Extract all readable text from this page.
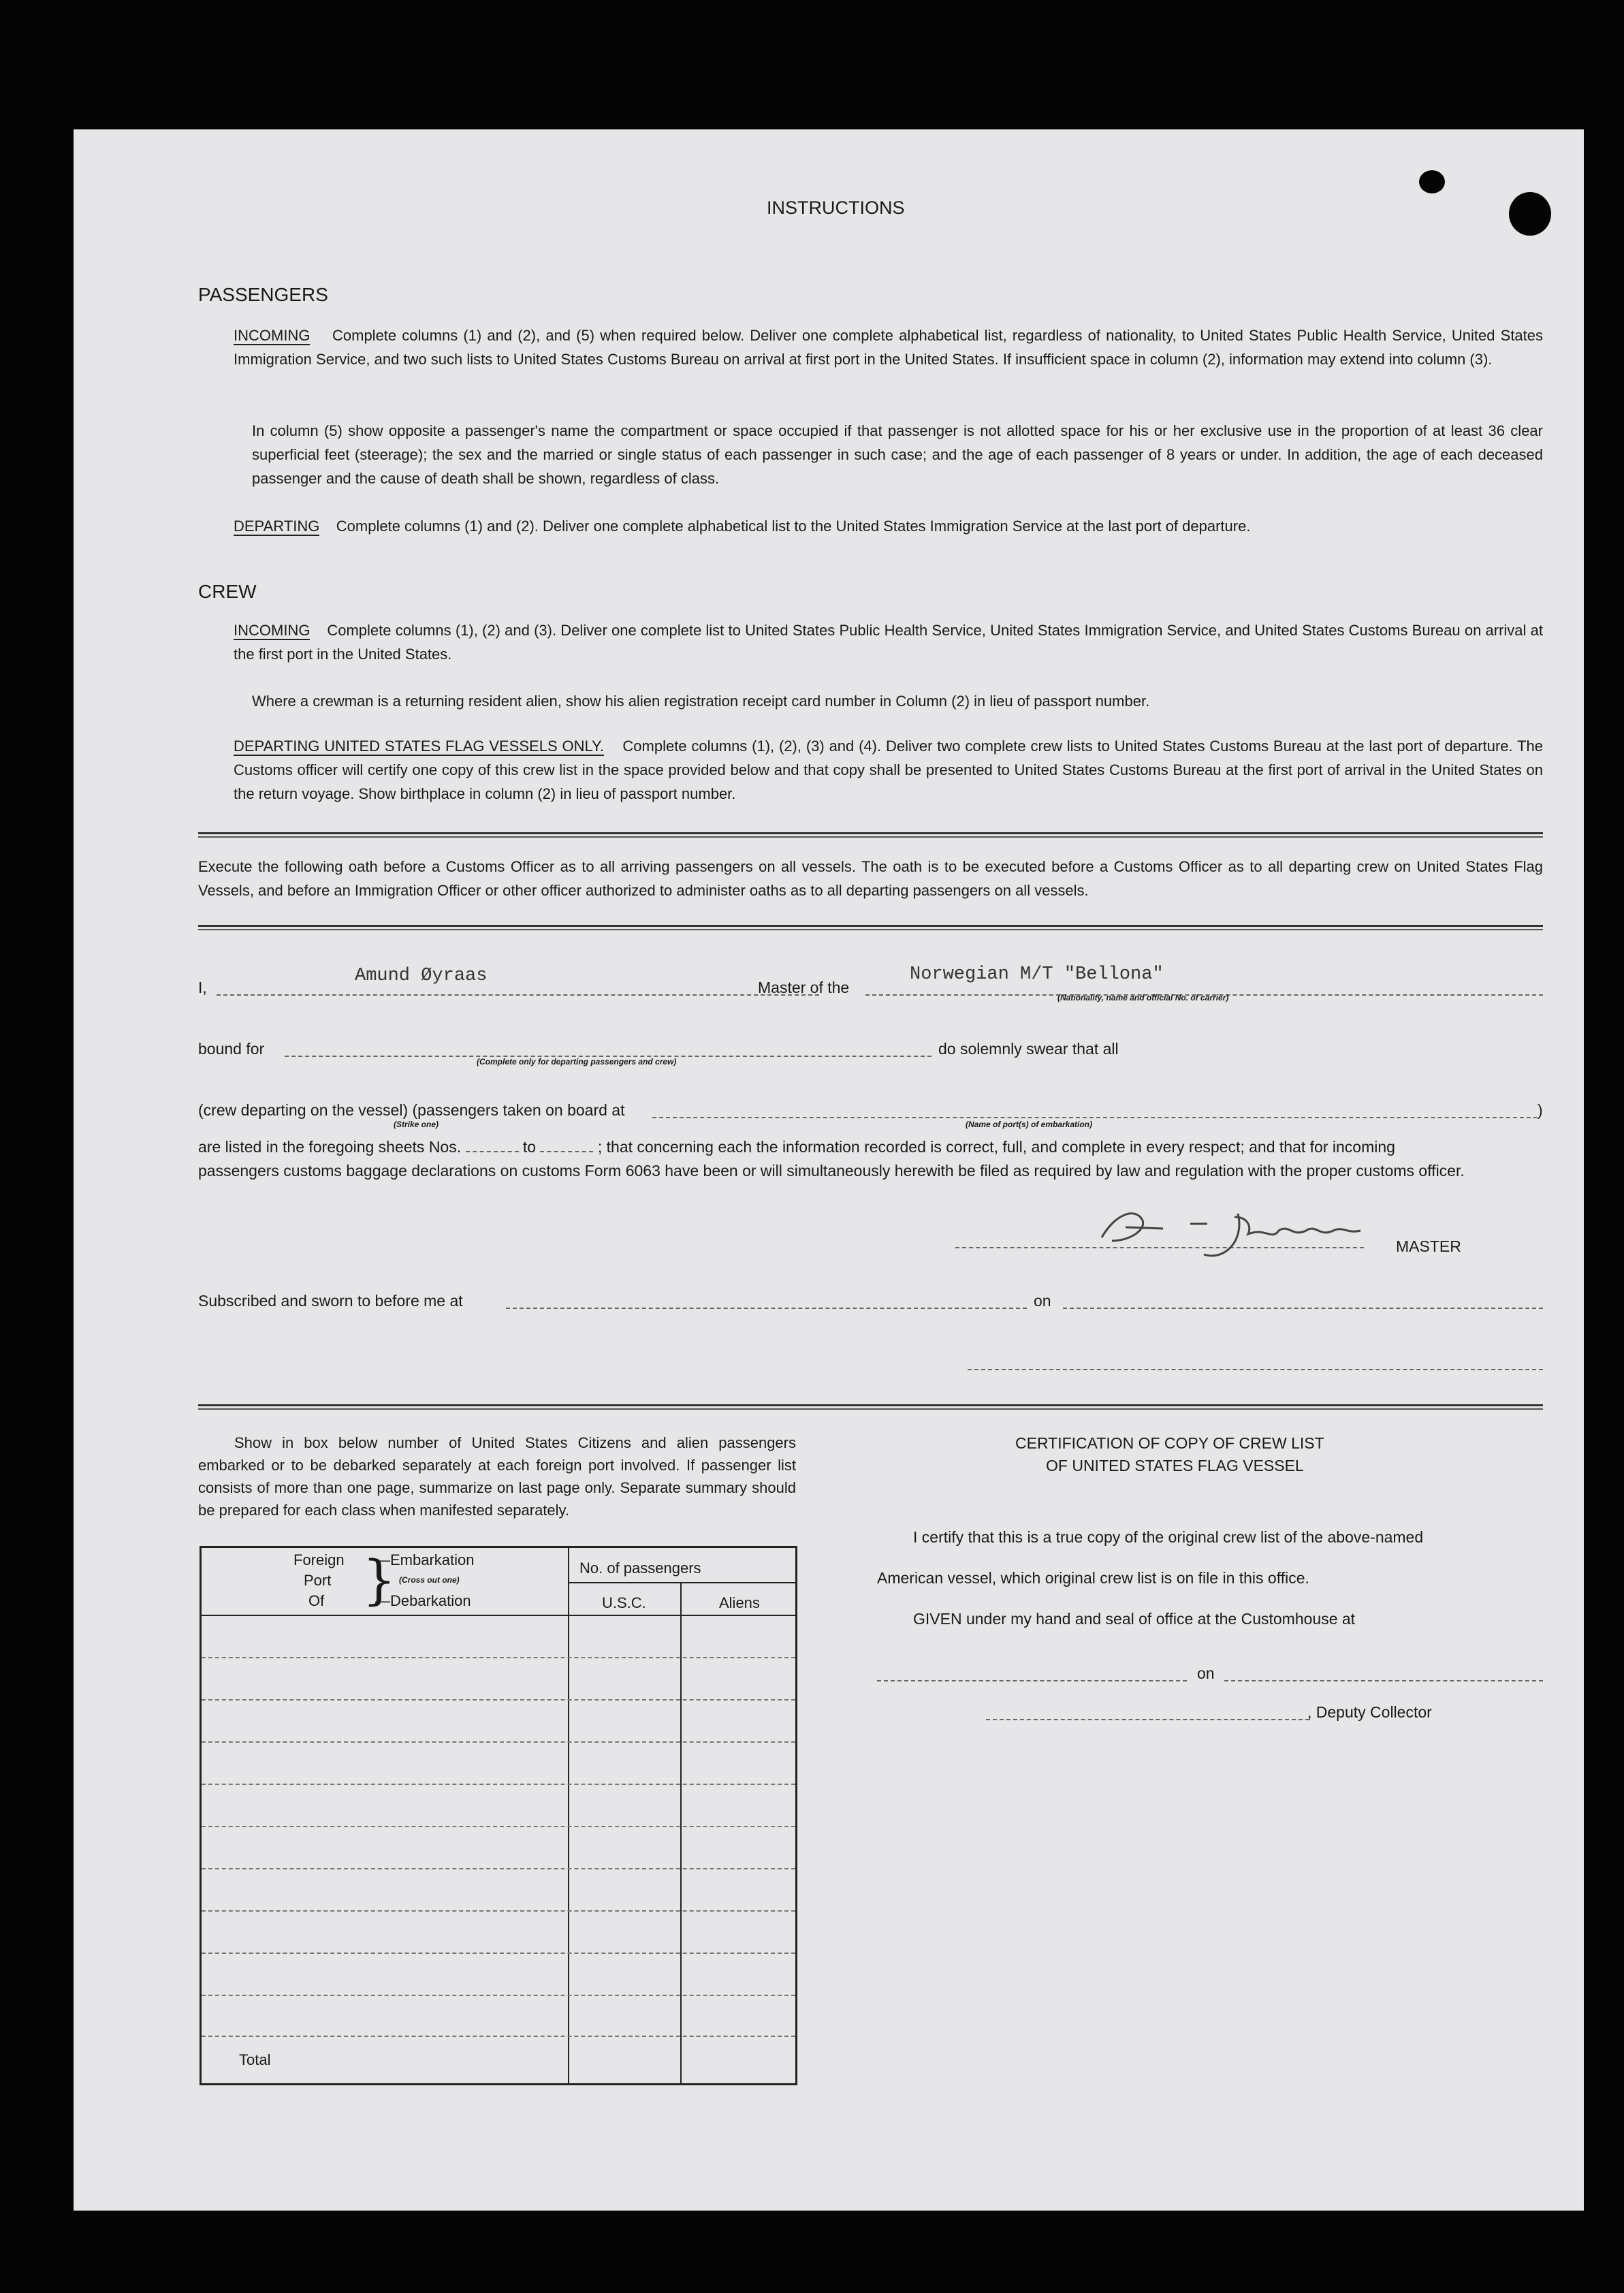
INSTRUCTIONS
PASSENGERS
INCOMING Complete columns (1) and (2), and (5) when required below. Deliver one complete alphabetical list, regardless of nationality, to United States Public Health Service, United States Immigration Service, and two such lists to United States Customs Bureau on arrival at first port in the United States. If insufficient space in column (2), information may extend into column (3).
In column (5) show opposite a passenger's name the compartment or space occupied if that passenger is not allotted space for his or her exclusive use in the proportion of at least 36 clear superficial feet (steerage); the sex and the married or single status of each passenger in such case; and the age of each passenger of 8 years or under. In addition, the age of each deceased passenger and the cause of death shall be shown, regardless of class.
DEPARTING Complete columns (1) and (2). Deliver one complete alphabetical list to the United States Immigration Service at the last port of departure.
CREW
INCOMING Complete columns (1), (2) and (3). Deliver one complete list to United States Public Health Service, United States Immigration Service, and United States Customs Bureau on arrival at the first port in the United States.
Where a crewman is a returning resident alien, show his alien registration receipt card number in Column (2) in lieu of passport number.
DEPARTING UNITED STATES FLAG VESSELS ONLY. Complete columns (1), (2), (3) and (4). Deliver two complete crew lists to United States Customs Bureau at the last port of departure. The Customs officer will certify one copy of this crew list in the space provided below and that copy shall be presented to United States Customs Bureau at the first port of arrival in the United States on the return voyage. Show birthplace in column (2) in lieu of passport number.
Execute the following oath before a Customs Officer as to all arriving passengers on all vessels. The oath is to be executed before a Customs Officer as to all departing crew on United States Flag Vessels, and before an Immigration Officer or other officer authorized to administer oaths as to all departing passengers on all vessels.
I,
Amund Øyraas
Master of the
Norwegian M/T "Bellona"
(Nationality, name and official No. of carrier)
bound for
(Complete only for departing passengers and crew)
do solemnly swear that all
(crew departing on the vessel) (passengers taken on board at
(Strike one)	(Name of port(s) of embarkation)
)
are listed in the foregoing sheets Nos.	to	; that concerning each the information recorded is correct, full, and complete in every respect; and that for incoming
passengers customs baggage declarations on customs Form 6063 have been or will simultaneously herewith be filed as required by law and regulation with the proper customs officer.
MASTER
Subscribed and sworn to before me at	on
Show in box below number of United States Citizens and alien passengers embarked or to be debarked separately at each foreign port involved. If passenger list consists of more than one page, summarize on last page only. Separate summary should be prepared for each class when manifested separately.
Foreign
Port
Of }
—Embarkation
(Cross out one)
—Debarkation
No. of passengers
U.S.C.	Aliens
Total
CERTIFICATION OF COPY OF CREW LIST
OF UNITED STATES FLAG VESSEL
I certify that this is a true copy of the original crew list of the above-named
American vessel, which original crew list is on file in this office.
GIVEN under my hand and seal of office at the Customhouse at
on
, Deputy Collector
